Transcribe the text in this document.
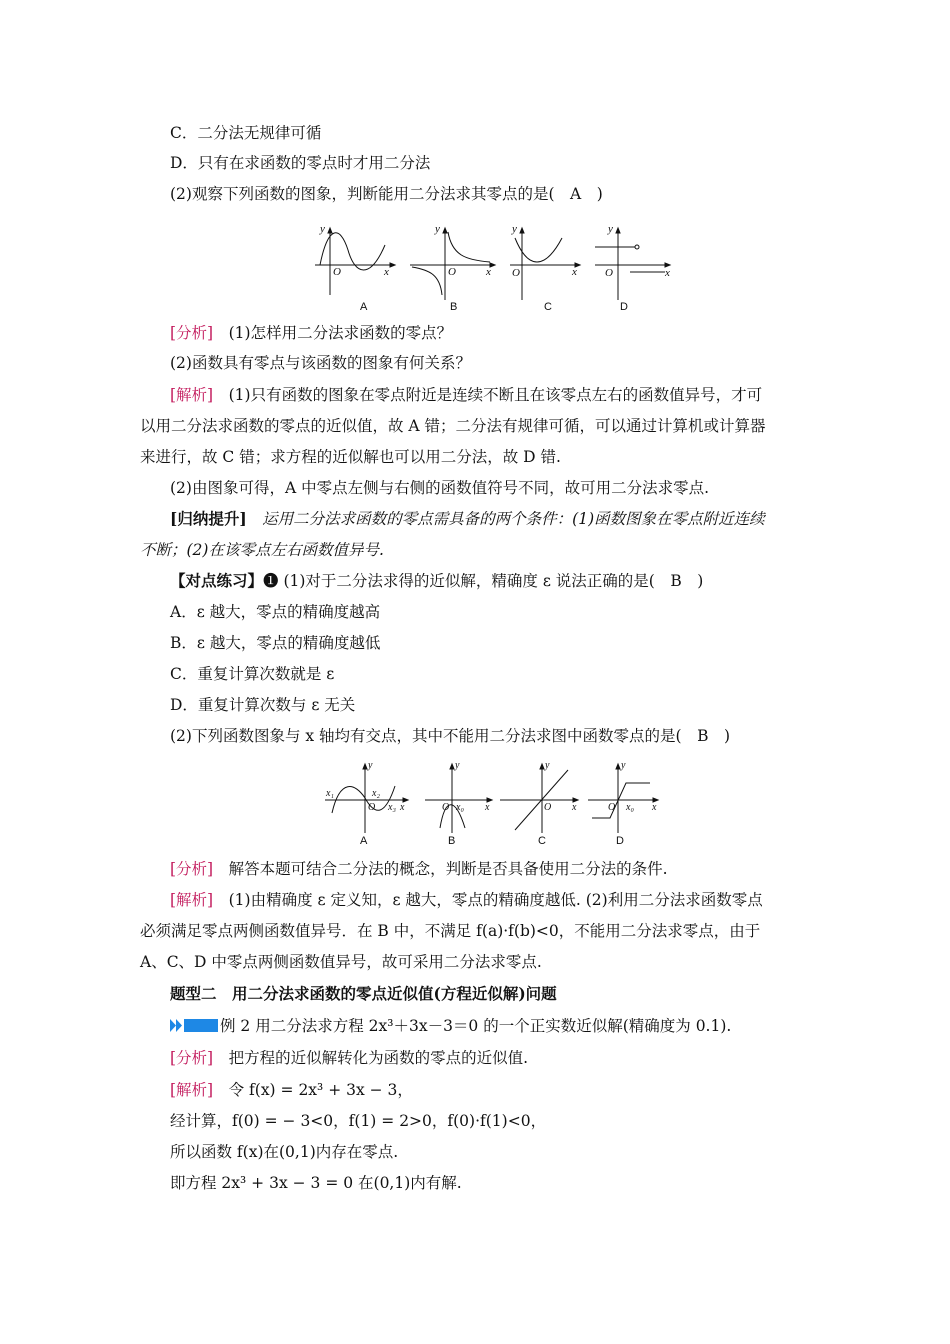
C．二分法无规律可循
D．只有在求函数的零点时才用二分法
(2)观察下列函数的图象，判断能用二分法求其零点的是(　A　)
y
O	x
y
O	x
y
O	x
y
O	x
A	B	C	D
[分析]　(1)怎样用二分法求函数的零点？
(2)函数具有零点与该函数的图象有何关系？
[解析]　(1)只有函数的图象在零点附近是连续不断且在该零点左右的函数值异号，才可
以用二分法求函数的零点的近似值，故 A 错；二分法有规律可循，可以通过计算机或计算器
来进行，故 C 错；求方程的近似解也可以用二分法，故 D 错.
(2)由图象可得，A 中零点左侧与右侧的函数值符号不同，故可用二分法求零点.
[归纳提升]　运用二分法求函数的零点需具备的两个条件：(1)函数图象在零点附近连续
不断；(2)在该零点左右函数值异号.
【对点练习】❶ (1)对于二分法求得的近似解，精确度 ε 说法正确的是(　B　)
A．ε 越大，零点的精确度越高
B．ε 越大，零点的精确度越低
C．重复计算次数就是 ε
D．重复计算次数与 ε 无关
(2)下列函数图象与 x 轴均有交点，其中不能用二分法求图中函数零点的是(　B　)
y
O x
x₁	x₂
x₃
y
O x₀ x
y
O x
y
O x₀ x
A	B	C	D
[分析]　解答本题可结合二分法的概念，判断是否具备使用二分法的条件.
[解析]　(1)由精确度 ε 定义知，ε 越大，零点的精确度越低. (2)利用二分法求函数零点
必须满足零点两侧函数值异号．在 B 中，不满足 f(a)·f(b)<0，不能用二分法求零点，由于
A、C、D 中零点两侧函数值异号，故可采用二分法求零点.
题型二　用二分法求函数的零点近似值(方程近似解)问题
例 2 用二分法求方程 2x³＋3x－3＝0 的一个正实数近似解(精确度为 0.1).
[分析]　把方程的近似解转化为函数的零点的近似值.
[解析]　令 f(x) = 2x³ + 3x − 3，
经计算，f(0) = − 3<0，f(1) = 2>0，f(0)·f(1)<0，
所以函数 f(x)在(0,1)内存在零点.
即方程 2x³ + 3x − 3 = 0 在(0,1)内有解.
